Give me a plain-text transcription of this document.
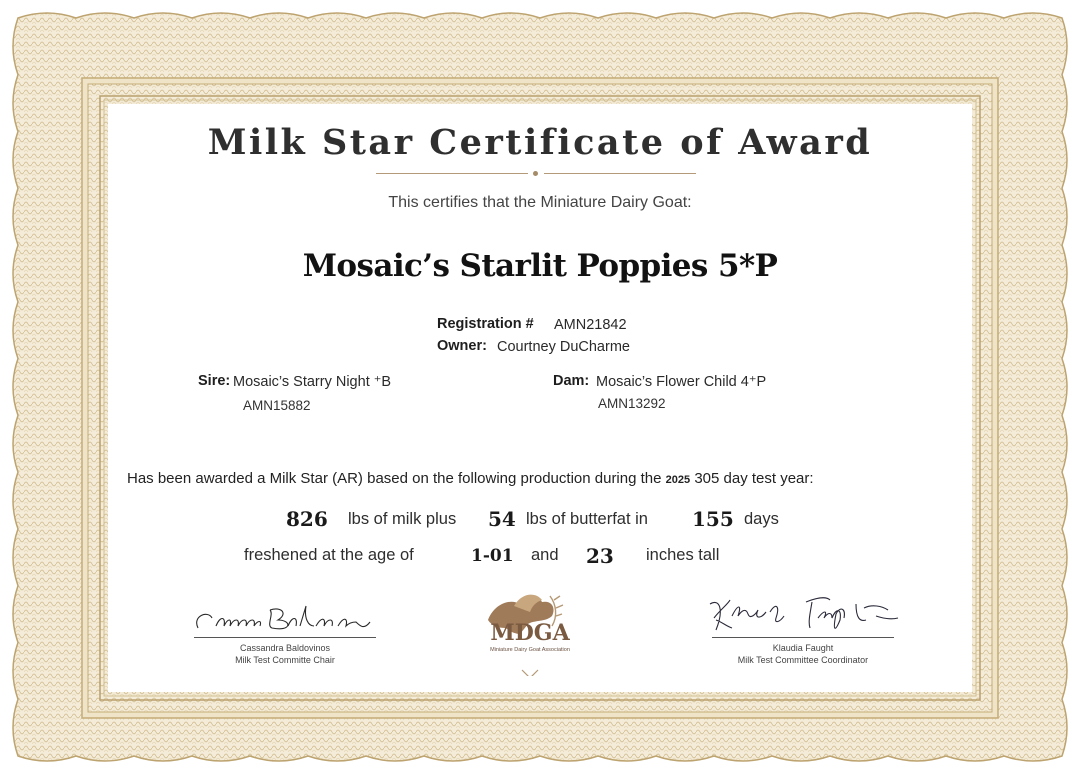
Milk Star Certificate of Award
This certifies that the Miniature Dairy Goat:
Mosaic’s Starlit Poppies 5*P
Registration # AMN21842
Owner: Courtney DuCharme
Sire: Mosaic’s Starry Night ⁺B
AMN15882
Dam: Mosaic’s Flower Child 4⁺P
AMN13292
Has been awarded a Milk Star (AR) based on the following production during the 2025 305 day test year:
826 lbs of milk plus 54 lbs of butterfat in 155 days
freshened at the age of	1-01 and 23 inches tall
Cassandra Baldovinos
Milk Test Committe Chair
MDGA
Miniature Dairy Goat Association	Klaudia Faught
Milk Test Committee Coordinator
